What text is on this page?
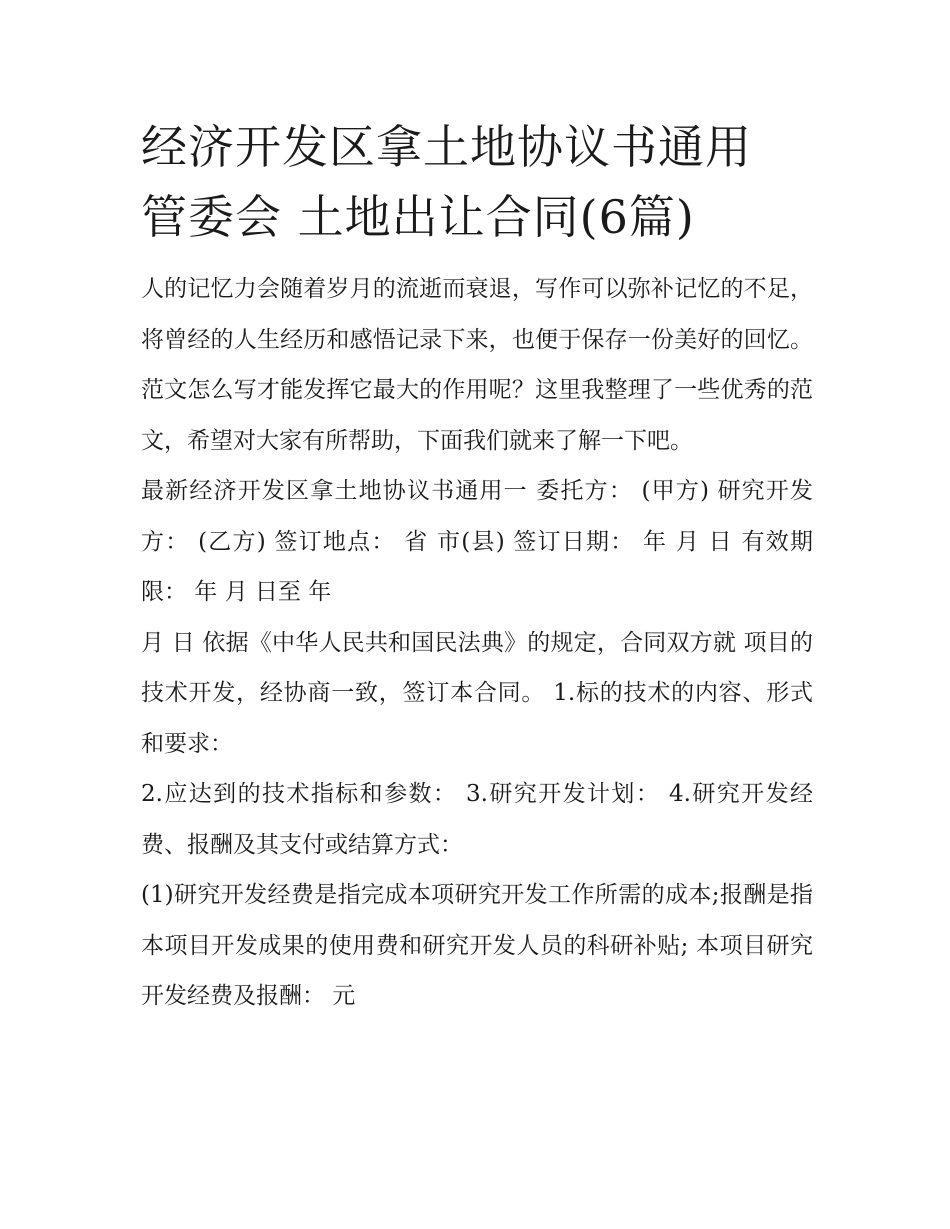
经济开发区拿土地协议书通用
管委会 土地出让合同(6篇)

人的记忆力会随着岁月的流逝而衰退，写作可以弥补记忆的不足，将曾经的人生经历和感悟记录下来，也便于保存一份美好的回忆。范文怎么写才能发挥它最大的作用呢？这里我整理了一些优秀的范文，希望对大家有所帮助，下面我们就来了解一下吧。

最新经济开发区拿土地协议书通用一 委托方： (甲方) 研究开发方： (乙方) 签订地点： 省 市(县) 签订日期： 年 月 日 有效期限： 年 月 日至 年

月 日 依据《中华人民共和国民法典》的规定，合同双方就 项目的技术开发，经协商一致，签订本合同。 1.标的技术的内容、形式和要求：

2.应达到的技术指标和参数： 3.研究开发计划： 4.研究开发经费、报酬及其支付或结算方式：

(1)研究开发经费是指完成本项研究开发工作所需的成本;报酬是指本项目开发成果的使用费和研究开发人员的科研补贴; 本项目研究开发经费及报酬： 元
